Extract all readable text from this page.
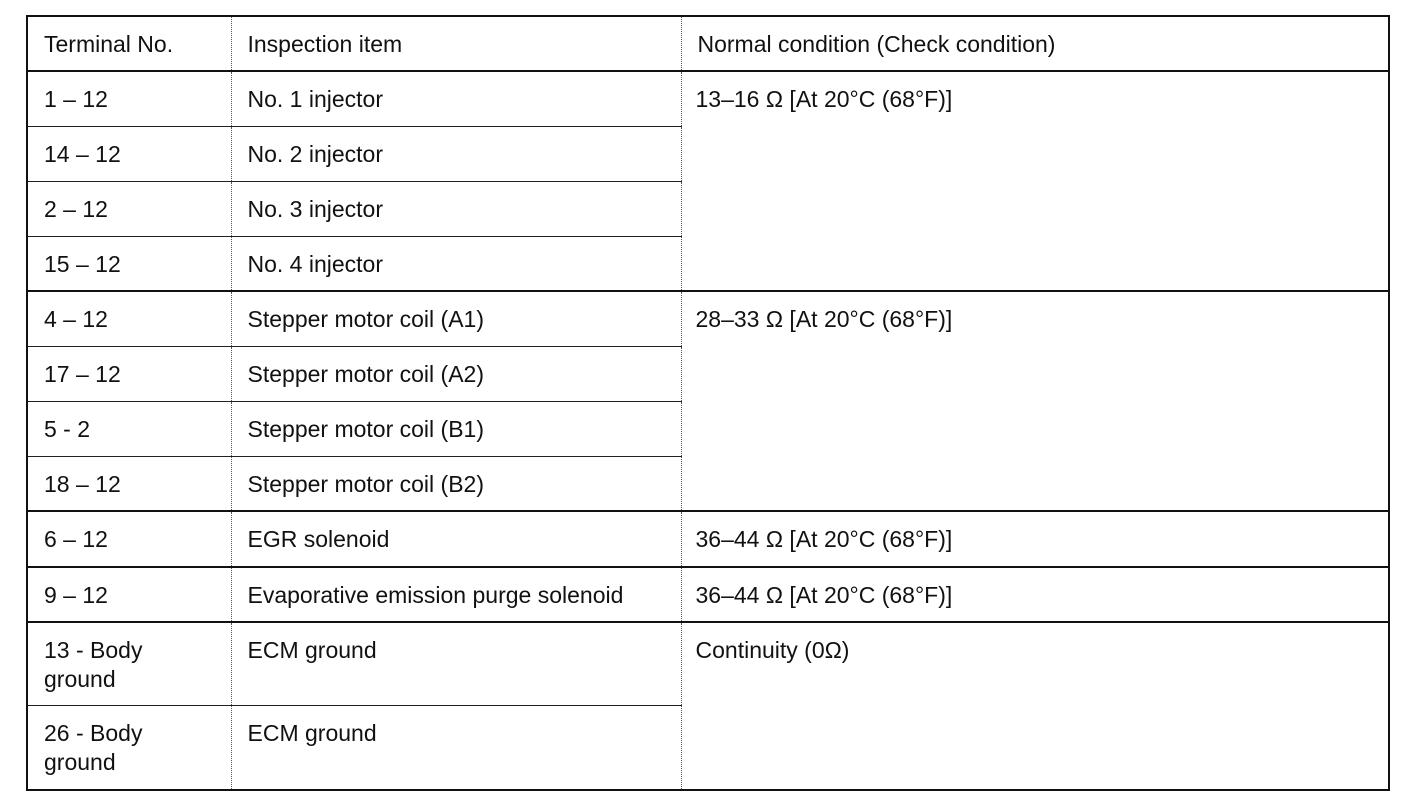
Terminal No.	Inspection item	Normal condition (Check condition)
1 – 12	No. 1 injector	13–16 Ω [At 20°C (68°F)]
14 – 12	No. 2 injector	
2 – 12	No. 3 injector	
15 – 12	No. 4 injector	
4 – 12	Stepper motor coil (A1)	28–33 Ω [At 20°C (68°F)]
17 – 12	Stepper motor coil (A2)	
5 - 2	Stepper motor coil (B1)	
18 – 12	Stepper motor coil (B2)	
6 – 12	EGR solenoid	36–44 Ω [At 20°C (68°F)]
9 – 12	Evaporative emission purge solenoid	36–44 Ω [At 20°C (68°F)]
13 - Body ground	ECM ground	Continuity (0Ω)
26 - Body ground	ECM ground	
